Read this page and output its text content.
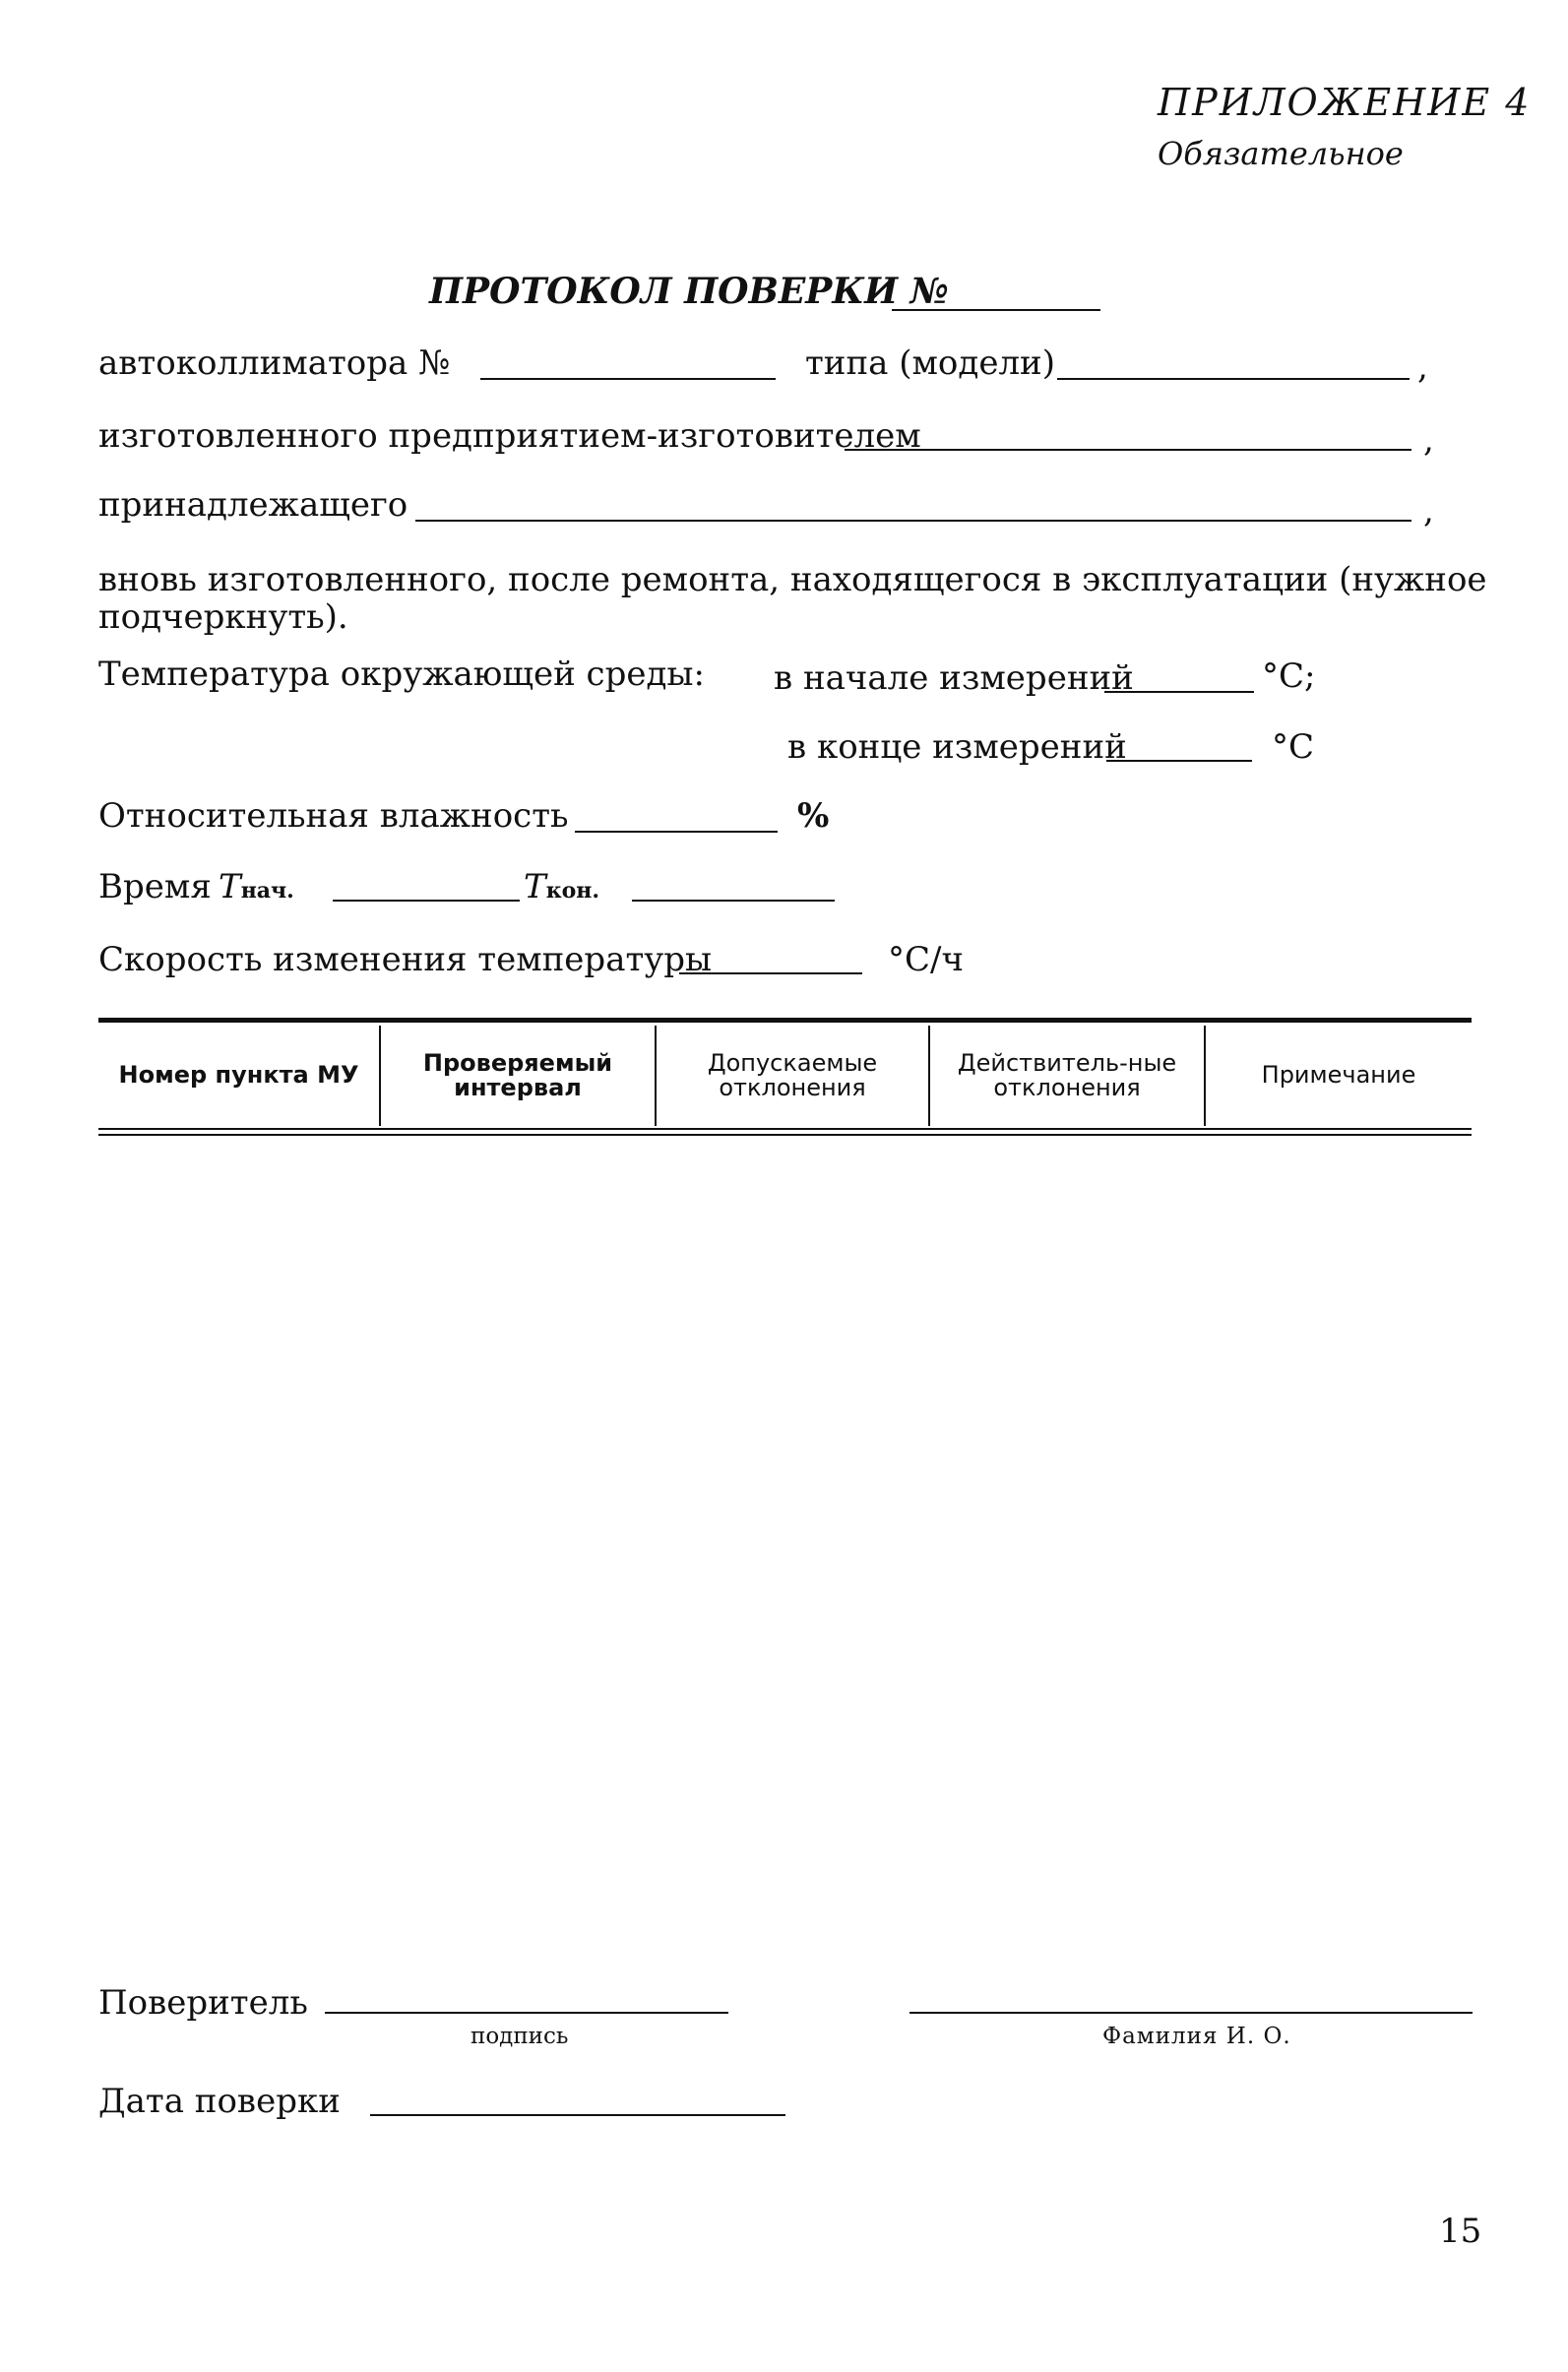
ПРИЛОЖЕНИЕ 4
Обязательное
ПРОТОКОЛ ПОВЕРКИ №
автоколлиматора №	типа (модели)	,
изготовленного предприятием-изготовителем	,
принадлежащего	,
вновь изготовленного, после ремонта, находящегося в эксплуатации (нужное
подчеркнуть).
Температура окружающей среды: в начале измерений	°С;
в конце измерений	°С
Относительная влажность	%
Время Тнач.	Ткон.
Скорость изменения температуры	°С/ч
Номер пункта МУ	Проверяемый интервал	Допускаемые отклонения	Действитель-ные отклонения	Примечание
Поверитель
подпись	Фамилия И. О.
Дата поверки
15
